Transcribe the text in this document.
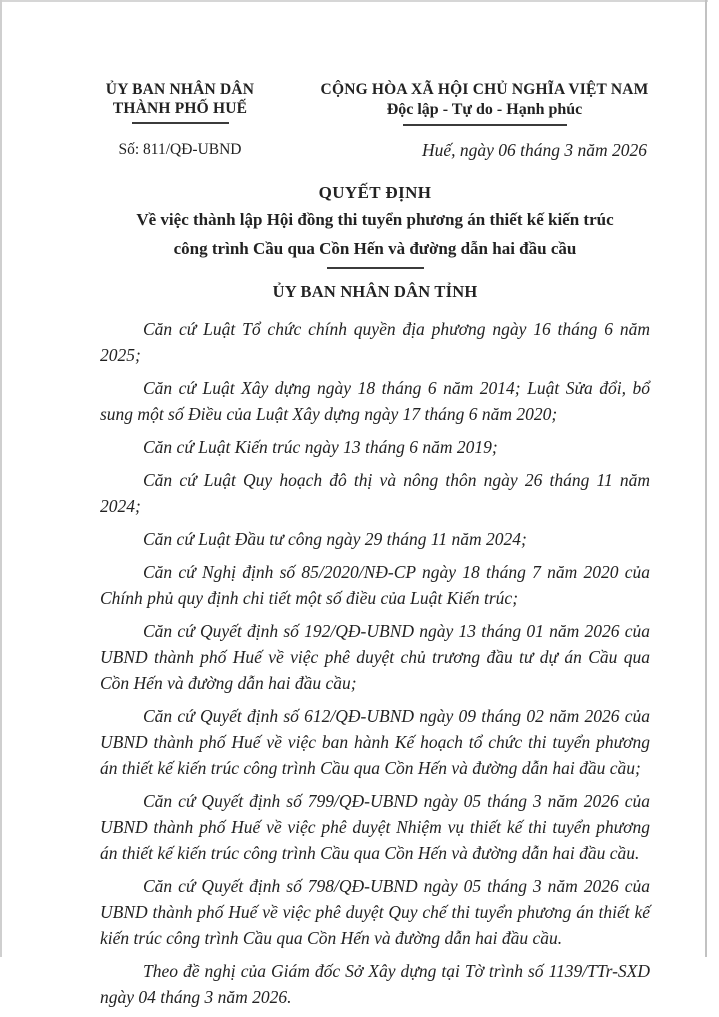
ỦY BAN NHÂN DÂN
THÀNH PHỐ HUẾ
Số: 811/QĐ-UBND
CỘNG HÒA XÃ HỘI CHỦ NGHĨA VIỆT NAM
Độc lập - Tự do - Hạnh phúc
Huế, ngày 06 tháng 3 năm 2026
QUYẾT ĐỊNH
Về việc thành lập Hội đồng thi tuyển phương án thiết kế kiến trúc
công trình Cầu qua Cồn Hến và đường dẫn hai đầu cầu
ỦY BAN NHÂN DÂN TỈNH

Căn cứ Luật Tổ chức chính quyền địa phương ngày 16 tháng 6 năm 2025;

Căn cứ Luật Xây dựng ngày 18 tháng 6 năm 2014; Luật Sửa đổi, bổ sung một số Điều của Luật Xây dựng ngày 17 tháng 6 năm 2020;

Căn cứ Luật Kiến trúc ngày 13 tháng 6 năm 2019;

Căn cứ Luật Quy hoạch đô thị và nông thôn ngày 26 tháng 11 năm 2024;

Căn cứ Luật Đầu tư công ngày 29 tháng 11 năm 2024;

Căn cứ Nghị định số 85/2020/NĐ-CP ngày 18 tháng 7 năm 2020 của Chính phủ quy định chi tiết một số điều của Luật Kiến trúc;

Căn cứ Quyết định số 192/QĐ-UBND ngày 13 tháng 01 năm 2026 của UBND thành phố Huế về việc phê duyệt chủ trương đầu tư dự án Cầu qua Cồn Hến và đường dẫn hai đầu cầu;

Căn cứ Quyết định số 612/QĐ-UBND ngày 09 tháng 02 năm 2026 của UBND thành phố Huế về việc ban hành Kế hoạch tổ chức thi tuyển phương án thiết kế kiến trúc công trình Cầu qua Cồn Hến và đường dẫn hai đầu cầu;

Căn cứ Quyết định số 799/QĐ-UBND ngày 05 tháng 3 năm 2026 của UBND thành phố Huế về việc phê duyệt Nhiệm vụ thiết kế thi tuyển phương án thiết kế kiến trúc công trình Cầu qua Cồn Hến và đường dẫn hai đầu cầu.

Căn cứ Quyết định số 798/QĐ-UBND ngày 05 tháng 3 năm 2026 của UBND thành phố Huế về việc phê duyệt Quy chế thi tuyển phương án thiết kế kiến trúc công trình Cầu qua Cồn Hến và đường dẫn hai đầu cầu.

Theo đề nghị của Giám đốc Sở Xây dựng tại Tờ trình số 1139/TTr-SXD ngày 04 tháng 3 năm 2026.
